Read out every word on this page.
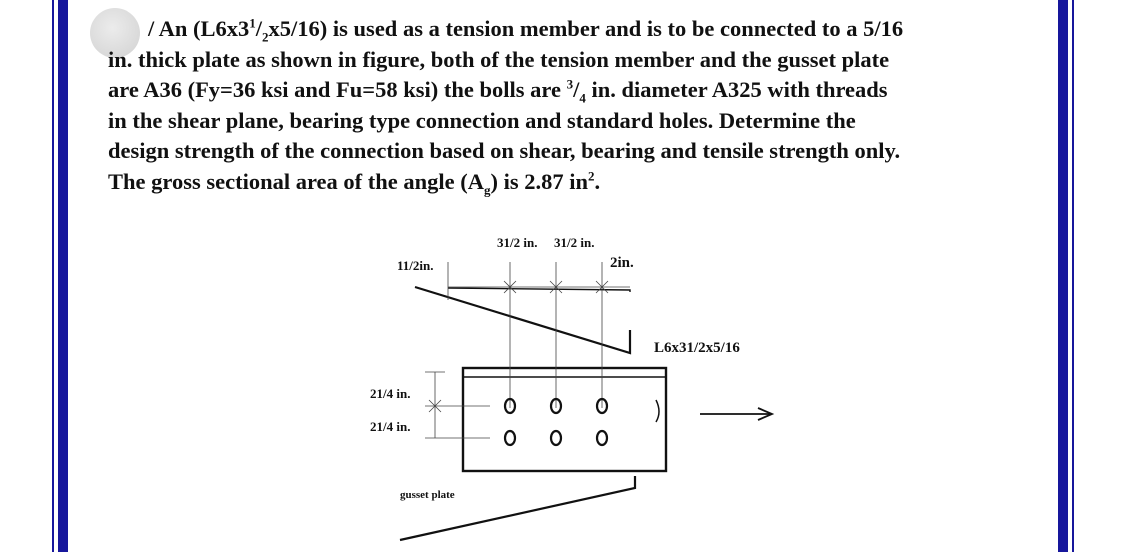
/ An $(L6x3^1/_2x5/16)$ is used as a tension member and is to be connected to a 5/16
in. thick plate as shown in figure, both of the tension member and the gusset plate
are A36 (Fy=36 ksi and Fu=58 ksi) the bolls are $^3/_4$ in. diameter A325 with threads
in the shear plane, bearing type connection and standard holes. Determine the
design strength of the connection based on shear, bearing and tensile strength only.
The gross sectional area of the angle $(A_g)$ is 2.87 $in^2$.
31/2 in. 31/2 in.
2in.
11/2in.
21/4 in.
21/4 in.
L6x31/2x5/16
gusset plate
